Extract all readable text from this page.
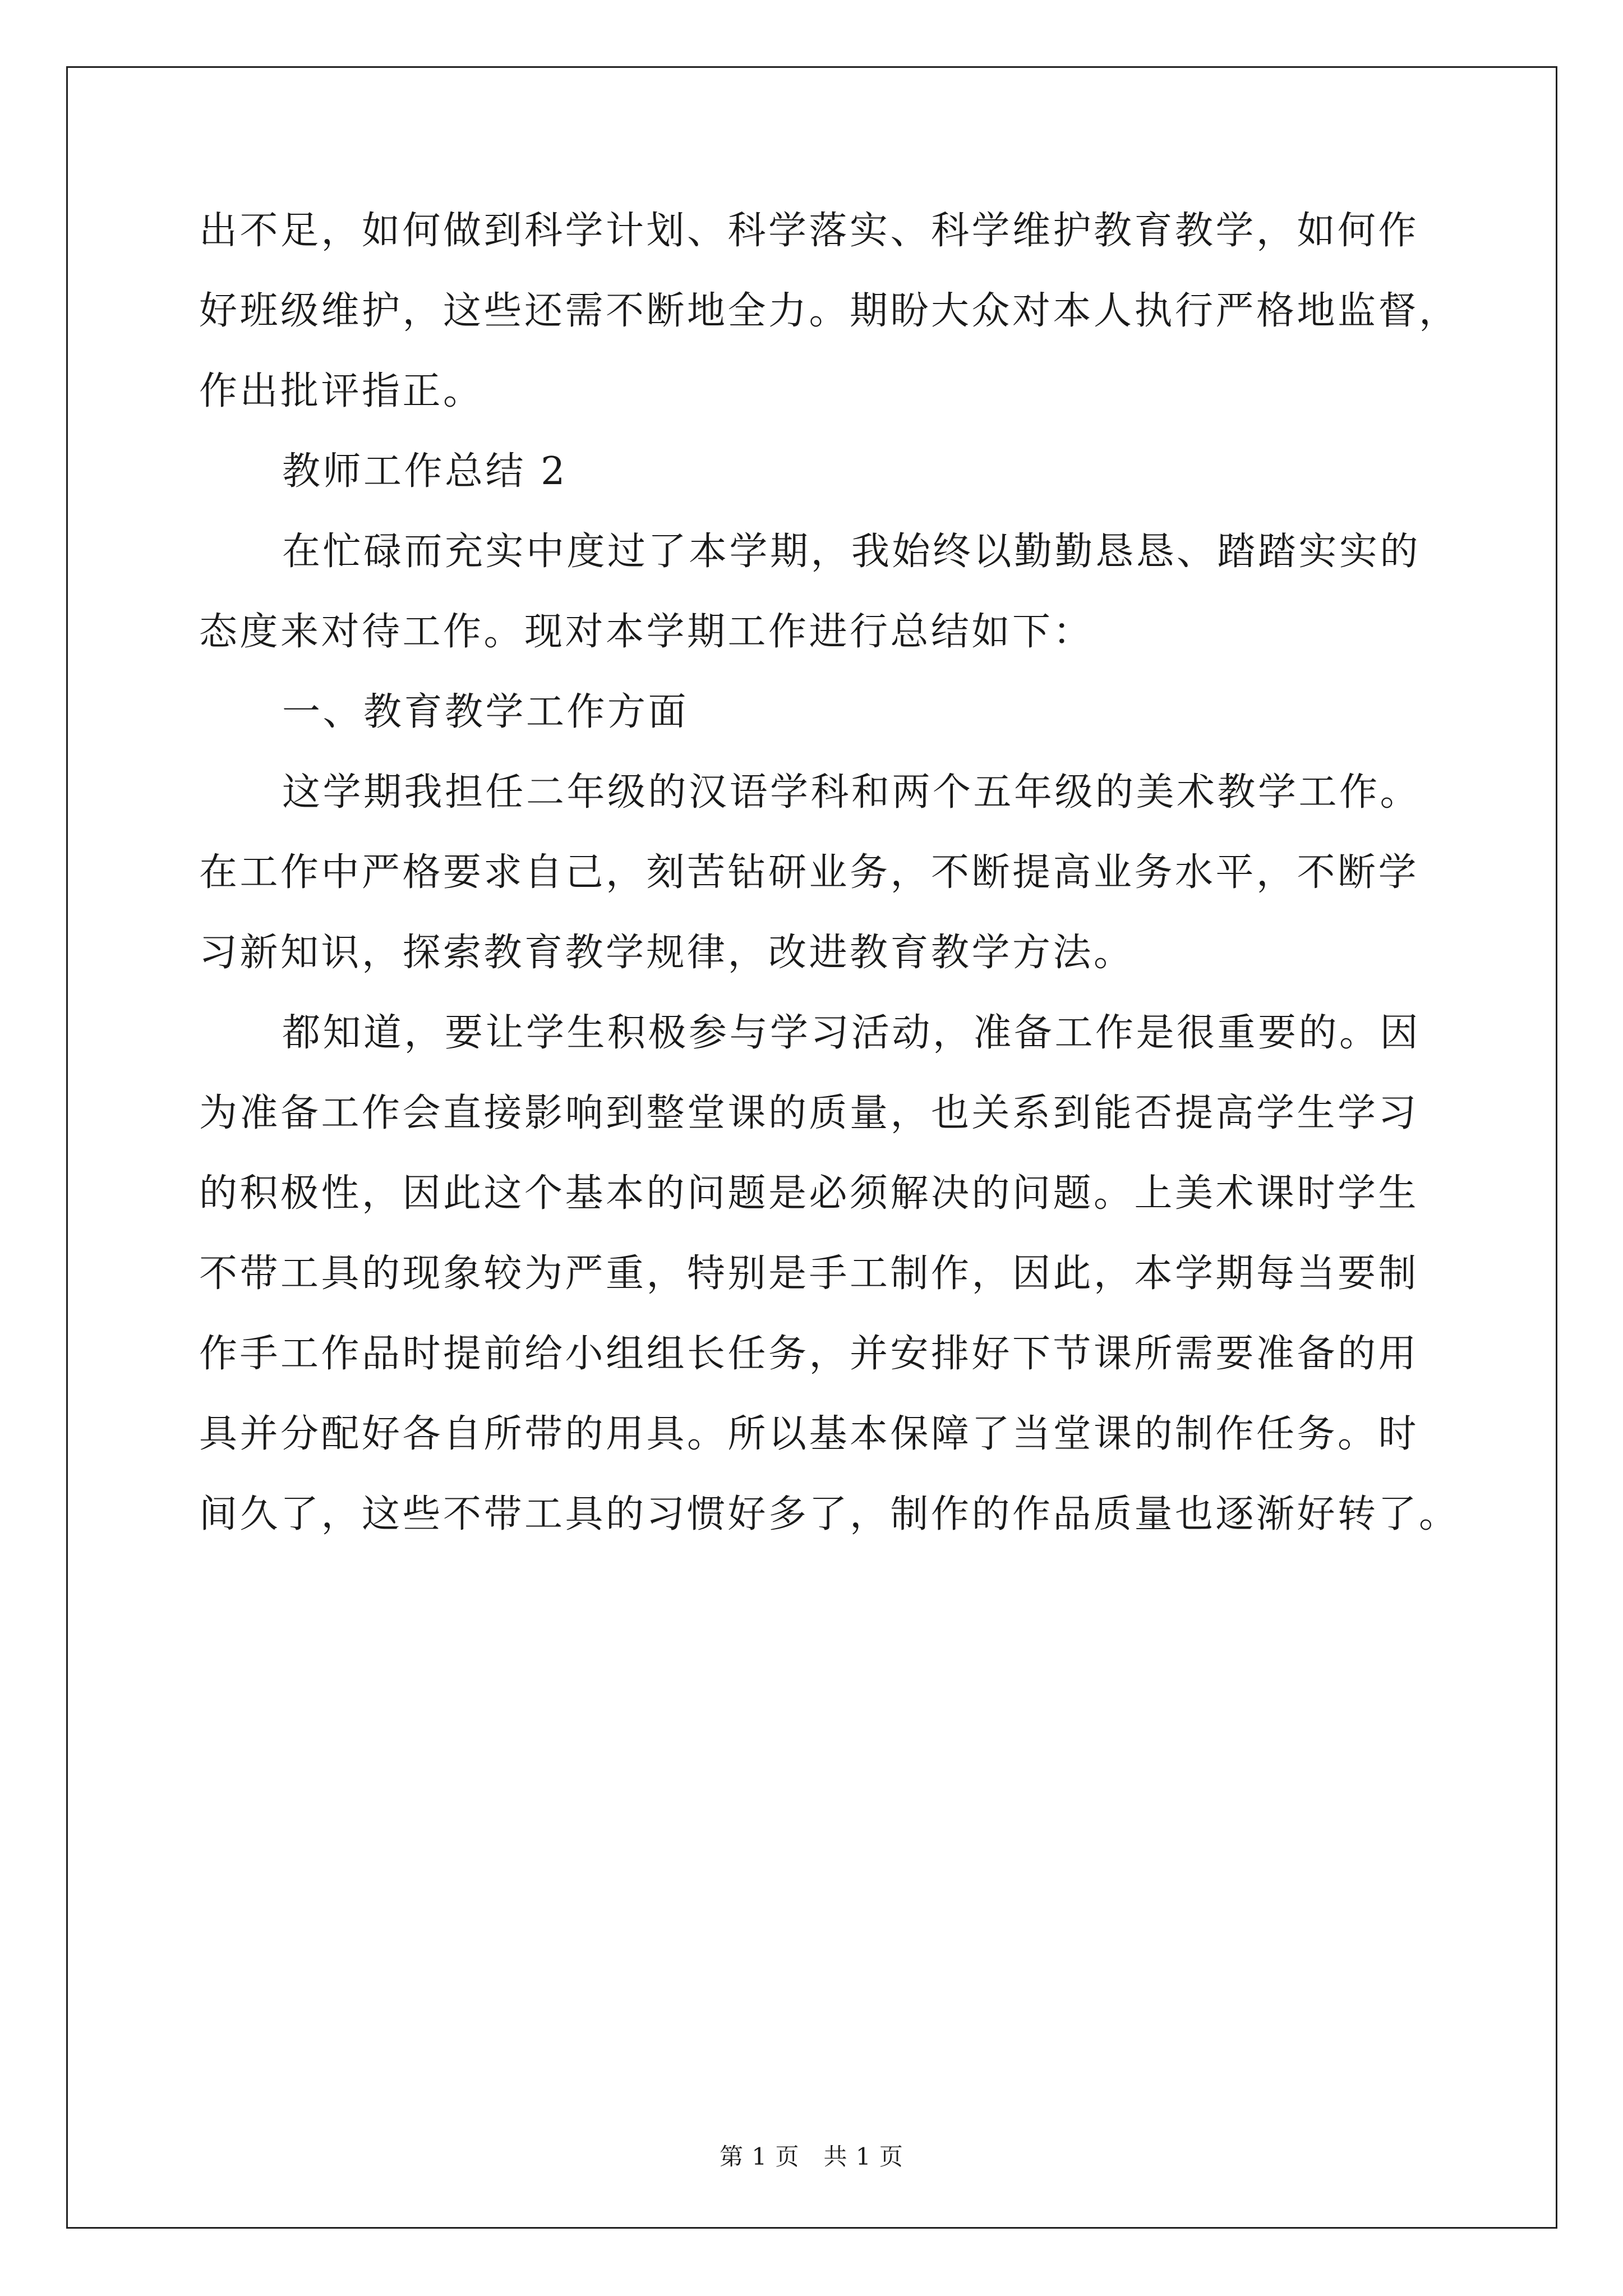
出不足，如何做到科学计划、科学落实、科学维护教育教学，如何作
好班级维护，这些还需不断地全力。期盼大众对本人执行严格地监督，
作出批评指正。
教师工作总结 2
在忙碌而充实中度过了本学期，我始终以勤勤恳恳、踏踏实实的
态度来对待工作。现对本学期工作进行总结如下：
一、教育教学工作方面
这学期我担任二年级的汉语学科和两个五年级的美术教学工作。
在工作中严格要求自己，刻苦钻研业务，不断提高业务水平，不断学
习新知识，探索教育教学规律，改进教育教学方法。
都知道，要让学生积极参与学习活动，准备工作是很重要的。因
为准备工作会直接影响到整堂课的质量，也关系到能否提高学生学习
的积极性，因此这个基本的问题是必须解决的问题。上美术课时学生
不带工具的现象较为严重，特别是手工制作，因此，本学期每当要制
作手工作品时提前给小组组长任务，并安排好下节课所需要准备的用
具并分配好各自所带的用具。所以基本保障了当堂课的制作任务。时
间久了，这些不带工具的习惯好多了，制作的作品质量也逐渐好转了。
第 1 页　共 1 页
